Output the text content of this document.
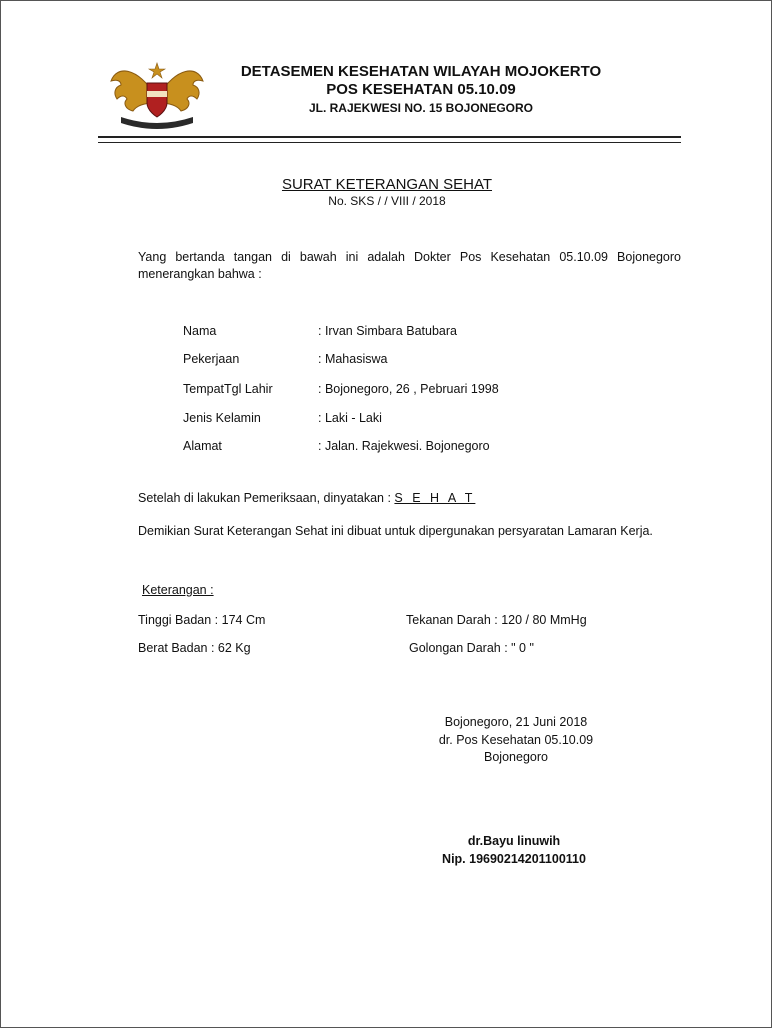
DETASEMEN KESEHATAN WILAYAH MOJOKERTO
POS KESEHATAN 05.10.09
JL. RAJEKWESI NO. 15 BOJONEGORO
SURAT KETERANGAN SEHAT
No. SKS / / VIII / 2018
Yang bertanda tangan di bawah ini adalah Dokter Pos Kesehatan 05.10.09 Bojonegoro
menerangkan bahwa :
Nama	: Irvan Simbara Batubara
Pekerjaan	: Mahasiswa
TempatTgl Lahir	: Bojonegoro, 26 , Pebruari 1998
Jenis Kelamin	: Laki - Laki
Alamat	: Jalan. Rajekwesi. Bojonegoro
Setelah di lakukan Pemeriksaan, dinyatakan : S E H A T
Demikian Surat Keterangan Sehat ini dibuat untuk dipergunakan persyaratan Lamaran Kerja.
Keterangan :
Tinggi Badan : 174 Cm	Tekanan Darah : 120 / 80 MmHg
Berat Badan : 62 Kg	Golongan Darah : " 0 "
Bojonegoro, 21 Juni 2018
dr. Pos Kesehatan 05.10.09
Bojonegoro
dr.Bayu linuwih
Nip. 19690214201100110
